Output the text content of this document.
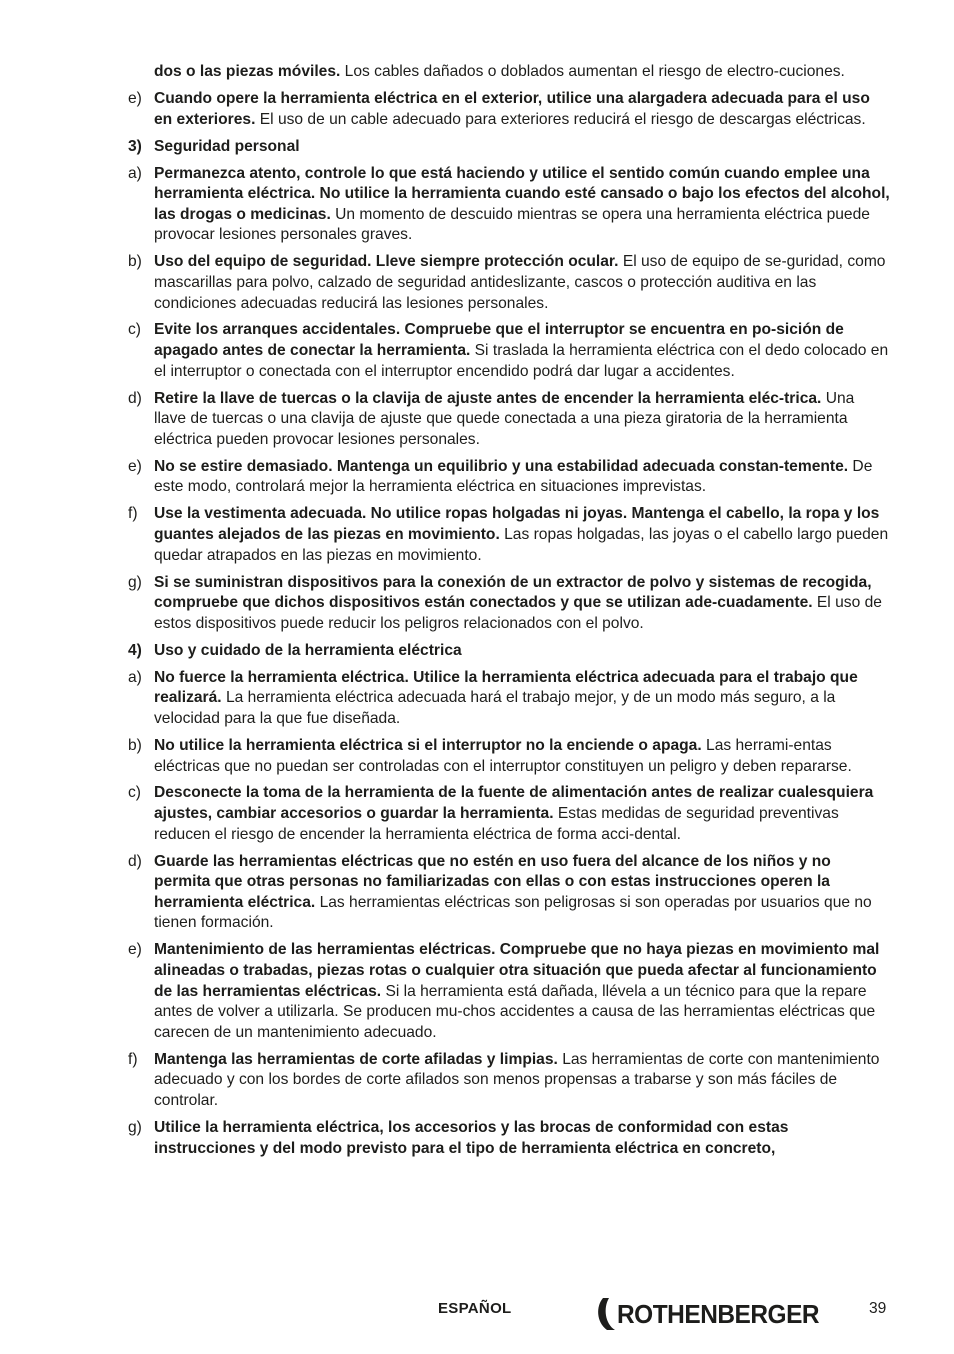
dos o las piezas móviles. Los cables dañados o doblados aumentan el riesgo de electro-cuciones.
e) Cuando opere la herramienta eléctrica en el exterior, utilice una alargadera adecuada para el uso en exteriores. El uso de un cable adecuado para exteriores reducirá el riesgo de descargas eléctricas.
3) Seguridad personal
a) Permanezca atento, controle lo que está haciendo y utilice el sentido común cuando emplee una herramienta eléctrica. No utilice la herramienta cuando esté cansado o bajo los efectos del alcohol, las drogas o medicinas. Un momento de descuido mientras se opera una herramienta eléctrica puede provocar lesiones personales graves.
b) Uso del equipo de seguridad. Lleve siempre protección ocular. El uso de equipo de se-guridad, como mascarillas para polvo, calzado de seguridad antideslizante, cascos o protección auditiva en las condiciones adecuadas reducirá las lesiones personales.
c) Evite los arranques accidentales. Compruebe que el interruptor se encuentra en po-sición de apagado antes de conectar la herramienta. Si traslada la herramienta eléctrica con el dedo colocado en el interruptor o conectada con el interruptor encendido podrá dar lugar a accidentes.
d) Retire la llave de tuercas o la clavija de ajuste antes de encender la herramienta eléc-trica. Una llave de tuercas o una clavija de ajuste que quede conectada a una pieza giratoria de la herramienta eléctrica pueden provocar lesiones personales.
e) No se estire demasiado. Mantenga un equilibrio y una estabilidad adecuada constan-temente. De este modo, controlará mejor la herramienta eléctrica en situaciones imprevistas.
f)	Use la vestimenta adecuada. No utilice ropas holgadas ni joyas. Mantenga el cabello, la ropa y los guantes alejados de las piezas en movimiento. Las ropas holgadas, las joyas o el cabello largo pueden quedar atrapados en las piezas en movimiento.
g) Si se suministran dispositivos para la conexión de un extractor de polvo y sistemas de recogida, compruebe que dichos dispositivos están conectados y que se utilizan ade-cuadamente. El uso de estos dispositivos puede reducir los peligros relacionados con el polvo.
4) Uso y cuidado de la herramienta eléctrica
a) No fuerce la herramienta eléctrica. Utilice la herramienta eléctrica adecuada para el trabajo que realizará. La herramienta eléctrica adecuada hará el trabajo mejor, y de un modo más seguro, a la velocidad para la que fue diseñada.
b) No utilice la herramienta eléctrica si el interruptor no la enciende o apaga. Las herrami-entas eléctricas que no puedan ser controladas con el interruptor constituyen un peligro y deben repararse.
c) Desconecte la toma de la herramienta de la fuente de alimentación antes de realizar cualesquiera ajustes, cambiar accesorios o guardar la herramienta. Estas medidas de seguridad preventivas reducen el riesgo de encender la herramienta eléctrica de forma acci-dental.
d) Guarde las herramientas eléctricas que no estén en uso fuera del alcance de los niños y no permita que otras personas no familiarizadas con ellas o con estas instrucciones operen la herramienta eléctrica. Las herramientas eléctricas son peligrosas si son operadas por usuarios que no tienen formación.
e) Mantenimiento de las herramientas eléctricas. Compruebe que no haya piezas en movimiento mal alineadas o trabadas, piezas rotas o cualquier otra situación que pueda afectar al funcionamiento de las herramientas eléctricas. Si la herramienta está dañada, llévela a un técnico para que la repare antes de volver a utilizarla. Se producen mu-chos accidentes a causa de las herramientas eléctricas que carecen de un mantenimiento adecuado.
f)	Mantenga las herramientas de corte afiladas y limpias. Las herramientas de corte con mantenimiento adecuado y con los bordes de corte afilados son menos propensas a trabarse y son más fáciles de controlar.
g) Utilice la herramienta eléctrica, los accesorios y las brocas de conformidad con estas instrucciones y del modo previsto para el tipo de herramienta eléctrica en concreto,
ESPAÑOL	ROTHENBERGER	39
